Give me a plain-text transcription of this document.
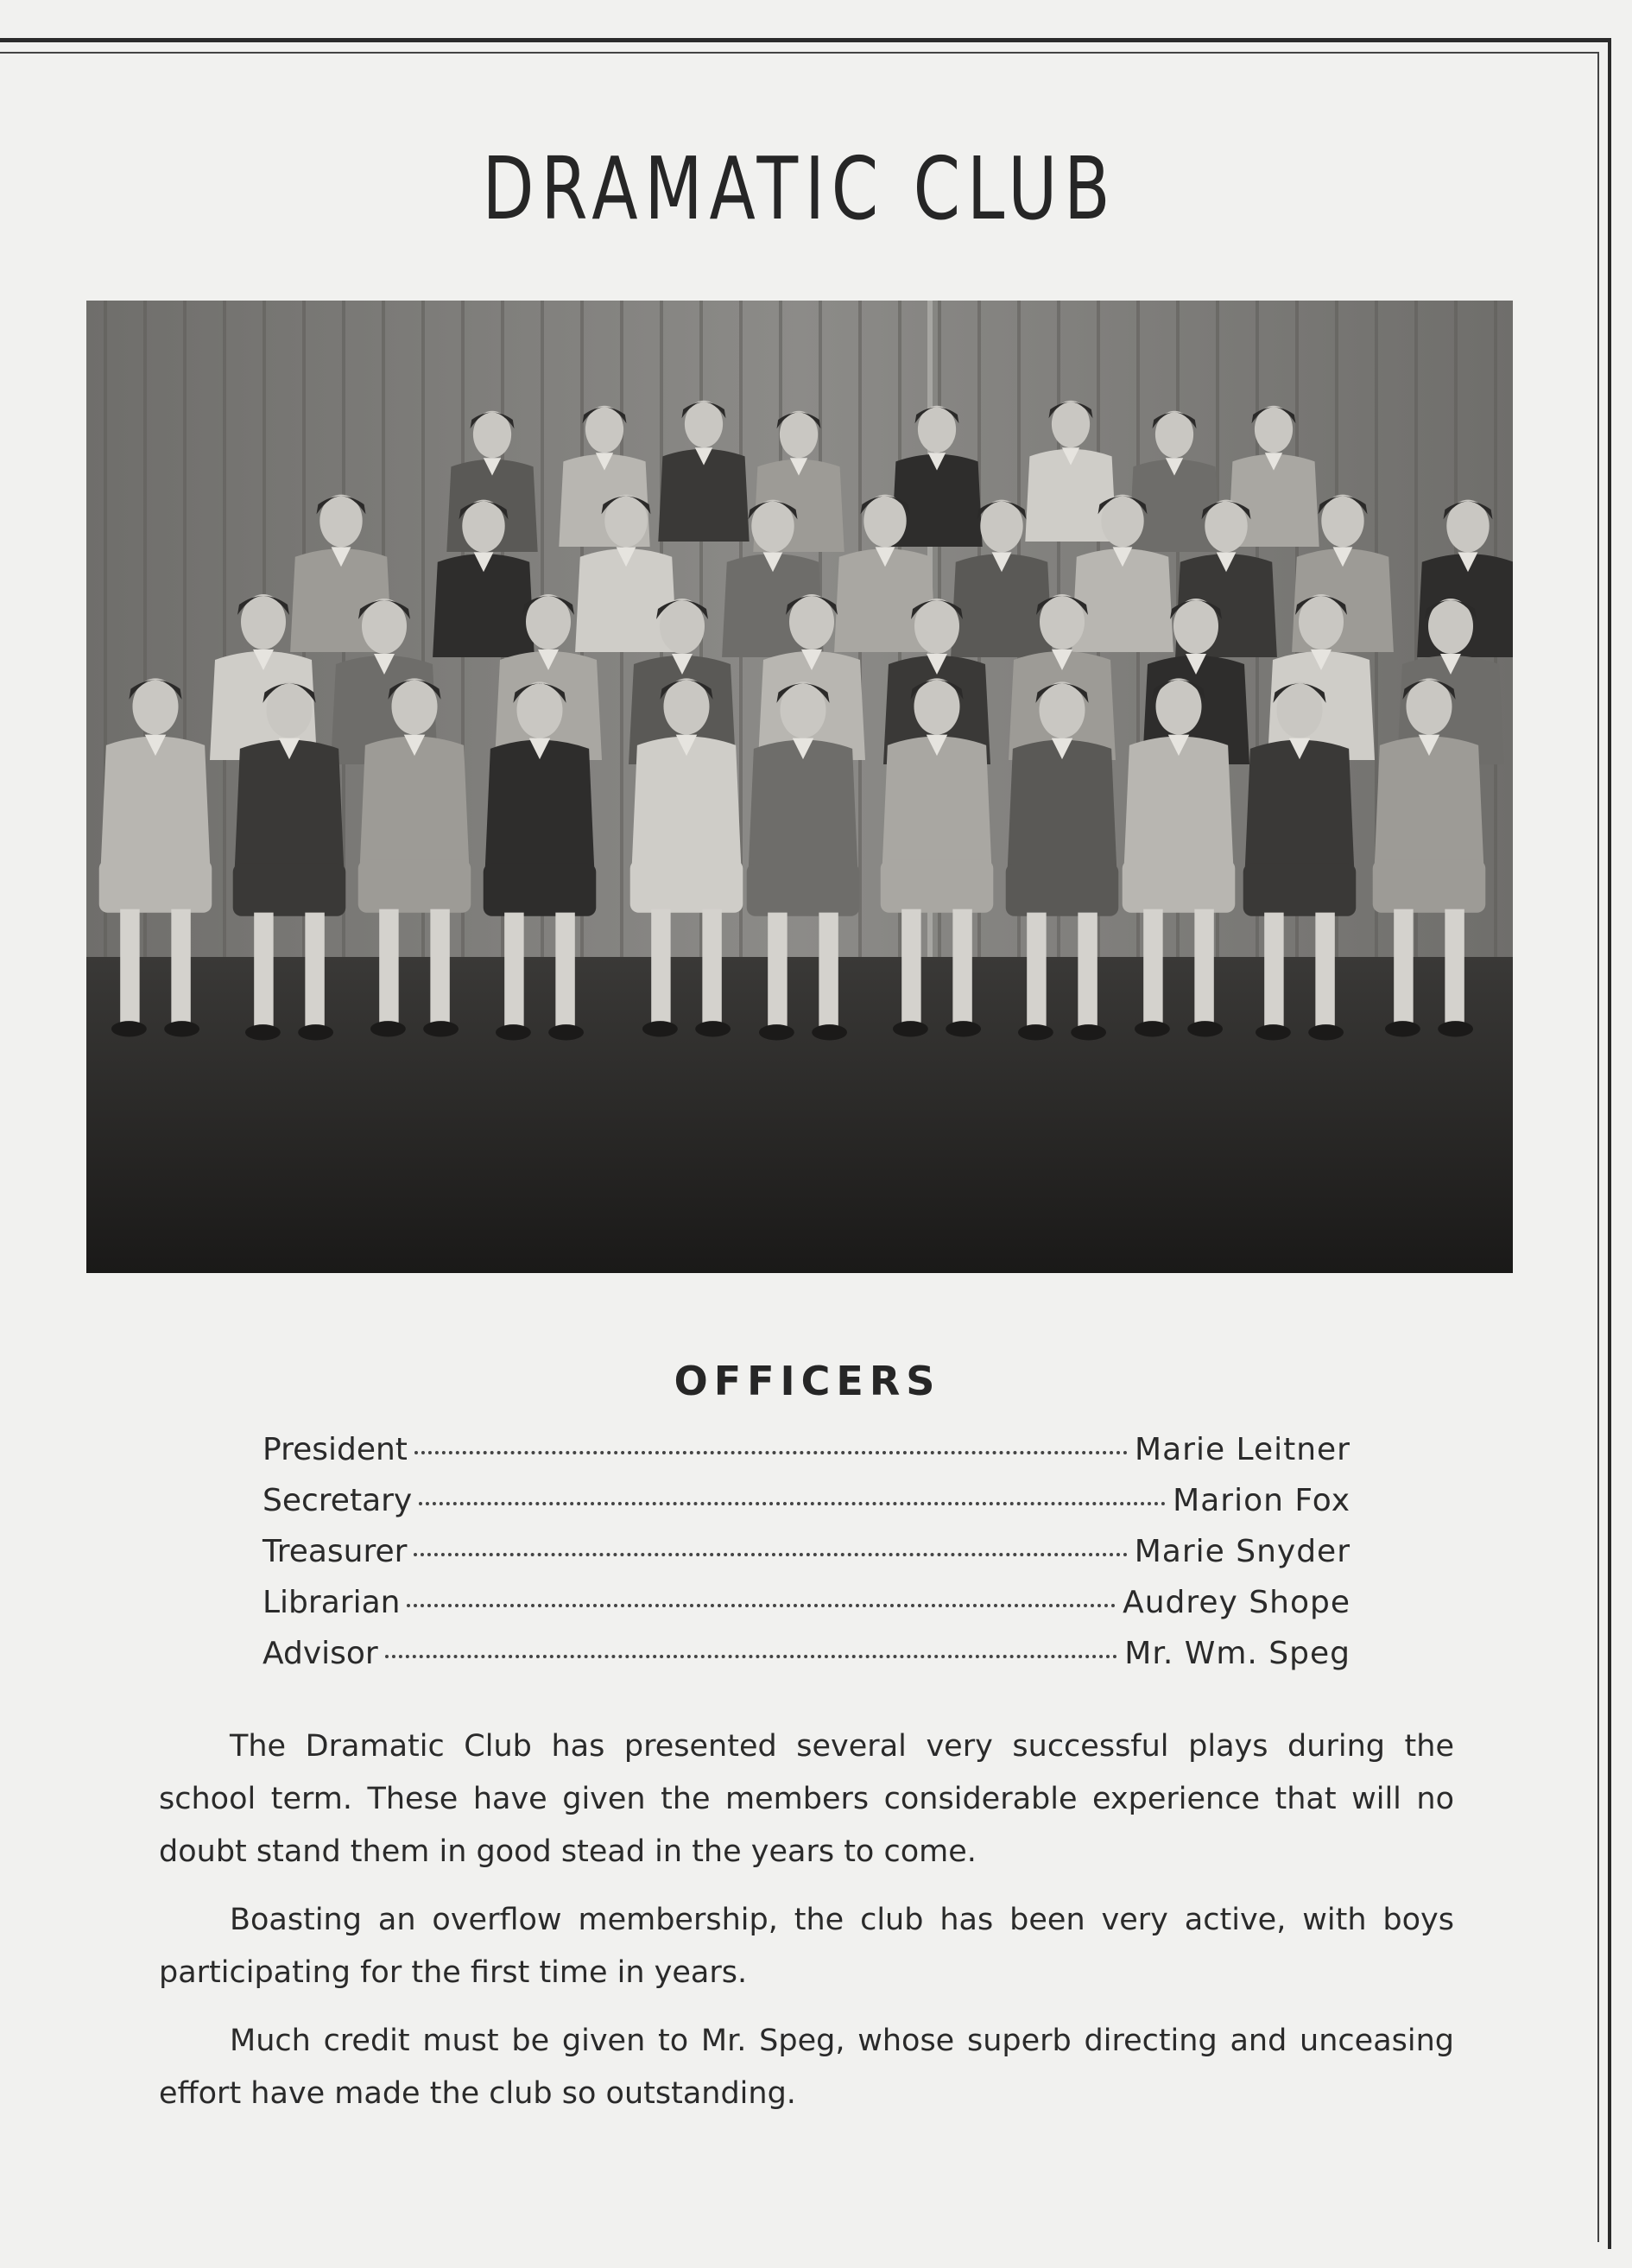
DRAMATIC CLUB
OFFICERS
President	Marie Leitner
Secretary	Marion Fox
Treasurer	Marie Snyder
Librarian	Audrey Shope
Advisor	Mr. Wm. Speg

The Dramatic Club has presented several very successful plays during the school term. These have given the members considerable experience that will no doubt stand them in good stead in the years to come.

Boasting an overflow membership, the club has been very active, with boys participating for the first time in years.

Much credit must be given to Mr. Speg, whose superb directing and unceasing effort have made the club so outstanding.
